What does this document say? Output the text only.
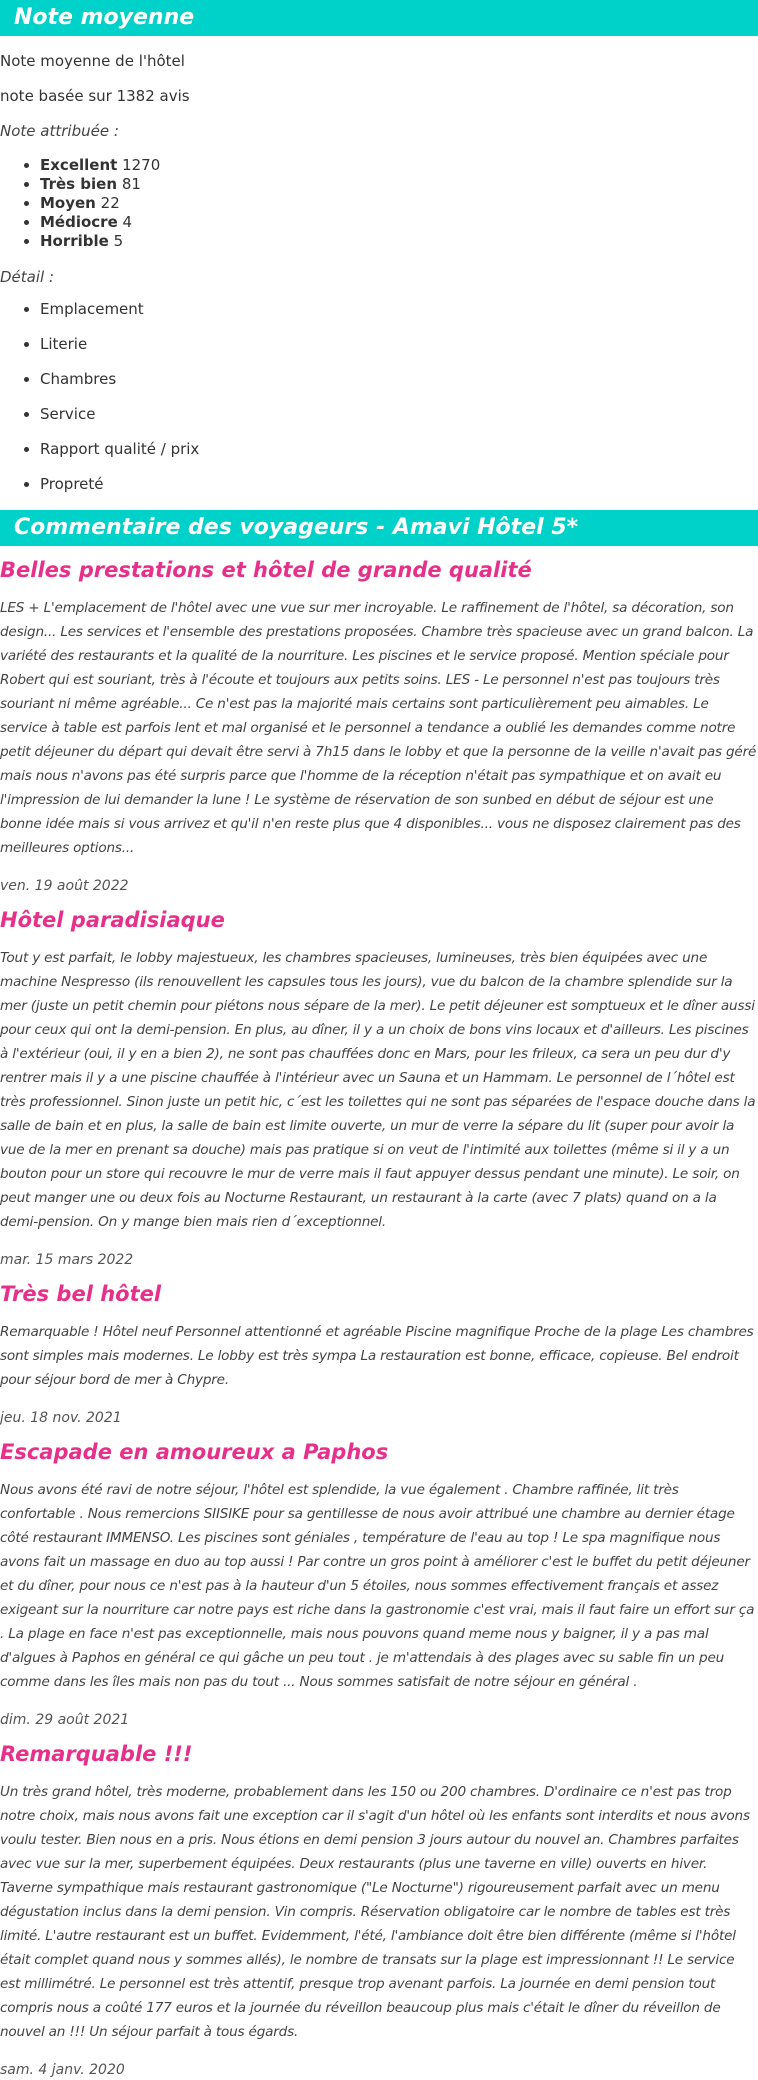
Note moyenne

Note moyenne de l'hôtel

note basée sur 1382 avis

Note attribuée :

• Excellent 1270
• Très bien 81
• Moyen 22
• Médiocre 4
• Horrible 5

Détail :

• Emplacement
• Literie
• Chambres
• Service
• Rapport qualité / prix
• Propreté
Commentaire des voyageurs - Amavi Hôtel 5*
Belles prestations et hôtel de grande qualité

LES + L'emplacement de l'hôtel avec une vue sur mer incroyable. Le raffinement de l'hôtel, sa décoration, son design... Les services et l'ensemble des prestations proposées. Chambre très spacieuse avec un grand balcon. La variété des restaurants et la qualité de la nourriture. Les piscines et le service proposé. Mention spéciale pour Robert qui est souriant, très à l'écoute et toujours aux petits soins. LES - Le personnel n'est pas toujours très souriant ni même agréable... Ce n'est pas la majorité mais certains sont particulièrement peu aimables. Le service à table est parfois lent et mal organisé et le personnel a tendance a oublié les demandes comme notre petit déjeuner du départ qui devait être servi à 7h15 dans le lobby et que la personne de la veille n'avait pas géré mais nous n'avons pas été surpris parce que l'homme de la réception n'était pas sympathique et on avait eu l'impression de lui demander la lune ! Le système de réservation de son sunbed en début de séjour est une bonne idée mais si vous arrivez et qu'il n'en reste plus que 4 disponibles... vous ne disposez clairement pas des meilleures options...

ven. 19 août 2022

Hôtel paradisiaque

Tout y est parfait, le lobby majestueux, les chambres spacieuses, lumineuses, très bien équipées avec une machine Nespresso (ils renouvellent les capsules tous les jours), vue du balcon de la chambre splendide sur la mer (juste un petit chemin pour piétons nous sépare de la mer). Le petit déjeuner est somptueux et le dîner aussi pour ceux qui ont la demi-pension. En plus, au dîner, il y a un choix de bons vins locaux et d'ailleurs. Les piscines à l'extérieur (oui, il y en a bien 2), ne sont pas chauffées donc en Mars, pour les frileux, ca sera un peu dur d'y rentrer mais il y a une piscine chauffée à l'intérieur avec un Sauna et un Hammam. Le personnel de l´hôtel est très professionnel. Sinon juste un petit hic, c´est les toilettes qui ne sont pas séparées de l'espace douche dans la salle de bain et en plus, la salle de bain est limite ouverte, un mur de verre la sépare du lit (super pour avoir la vue de la mer en prenant sa douche) mais pas pratique si on veut de l'intimité aux toilettes (même si il y a un bouton pour un store qui recouvre le mur de verre mais il faut appuyer dessus pendant une minute). Le soir, on peut manger une ou deux fois au Nocturne Restaurant, un restaurant à la carte (avec 7 plats) quand on a la demi-pension. On y mange bien mais rien d´exceptionnel.

mar. 15 mars 2022

Très bel hôtel

Remarquable ! Hôtel neuf Personnel attentionné et agréable Piscine magnifique Proche de la plage Les chambres sont simples mais modernes. Le lobby est très sympa La restauration est bonne, efficace, copieuse. Bel endroit pour séjour bord de mer à Chypre.

jeu. 18 nov. 2021

Escapade en amoureux a Paphos

Nous avons été ravi de notre séjour, l'hôtel est splendide, la vue également . Chambre raffinée, lit très confortable . Nous remercions SIISIKE pour sa gentillesse de nous avoir attribué une chambre au dernier étage côté restaurant IMMENSO. Les piscines sont géniales , température de l'eau au top ! Le spa magnifique nous avons fait un massage en duo au top aussi ! Par contre un gros point à améliorer c'est le buffet du petit déjeuner et du dîner, pour nous ce n'est pas à la hauteur d'un 5 étoiles, nous sommes effectivement français et assez exigeant sur la nourriture car notre pays est riche dans la gastronomie c'est vrai, mais il faut faire un effort sur ça . La plage en face n'est pas exceptionnelle, mais nous pouvons quand meme nous y baigner, il y a pas mal d'algues à Paphos en général ce qui gâche un peu tout . je m'attendais à des plages avec su sable fin un peu comme dans les îles mais non pas du tout ... Nous sommes satisfait de notre séjour en général .

dim. 29 août 2021

Remarquable !!!

Un très grand hôtel, très moderne, probablement dans les 150 ou 200 chambres. D'ordinaire ce n'est pas trop notre choix, mais nous avons fait une exception car il s'agit d'un hôtel où les enfants sont interdits et nous avons voulu tester. Bien nous en a pris. Nous étions en demi pension 3 jours autour du nouvel an. Chambres parfaites avec vue sur la mer, superbement équipées. Deux restaurants (plus une taverne en ville) ouverts en hiver. Taverne sympathique mais restaurant gastronomique ("Le Nocturne") rigoureusement parfait avec un menu dégustation inclus dans la demi pension. Vin compris. Réservation obligatoire car le nombre de tables est très limité. L'autre restaurant est un buffet. Evidemment, l'été, l'ambiance doit être bien différente (même si l'hôtel était complet quand nous y sommes allés), le nombre de transats sur la plage est impressionnant !! Le service est millimétré. Le personnel est très attentif, presque trop avenant parfois. La journée en demi pension tout compris nous a coûté 177 euros et la journée du réveillon beaucoup plus mais c'était le dîner du réveillon de nouvel an !!! Un séjour parfait à tous égards.

sam. 4 janv. 2020
